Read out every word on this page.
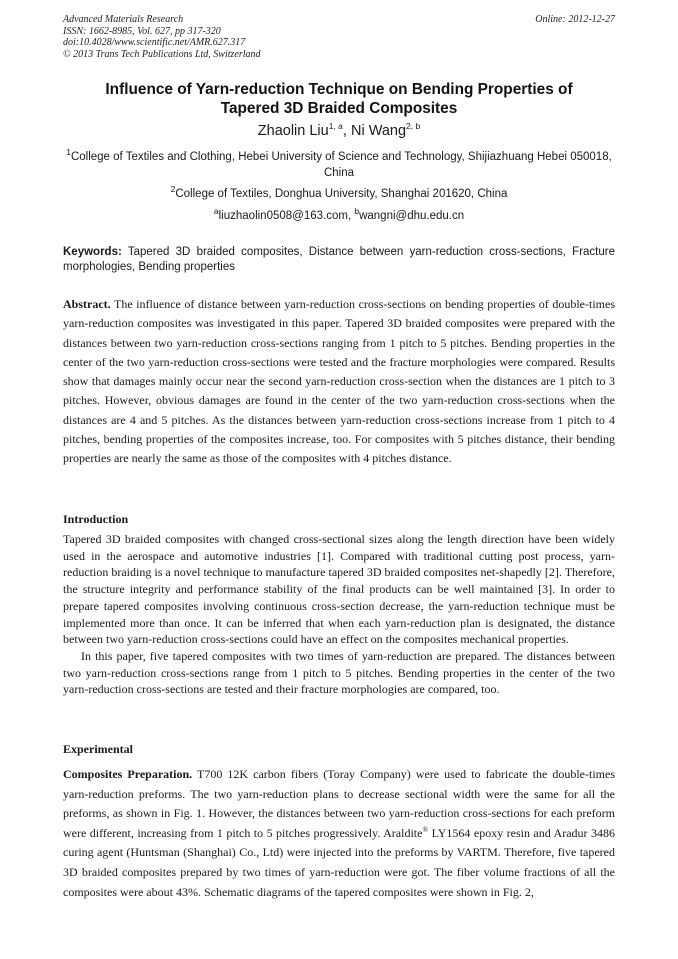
Advanced Materials Research
ISSN: 1662-8985, Vol. 627, pp 317-320
doi:10.4028/www.scientific.net/AMR.627.317
© 2013 Trans Tech Publications Ltd, Switzerland
Online: 2012-12-27
Influence of Yarn-reduction Technique on Bending Properties of
Tapered 3D Braided Composites
Zhaolin Liu$^{1, a}$, Ni Wang$^{2, b}$
$^1$College of Textiles and Clothing, Hebei University of Science and Technology, Shijiazhuang Hebei 050018, China
$^2$College of Textiles, Donghua University, Shanghai 201620, China
$^a$liuzhaolin0508@163.com, $^b$wangni@dhu.edu.cn
Keywords: Tapered 3D braided composites, Distance between yarn-reduction cross-sections, Fracture morphologies, Bending properties
Abstract. The influence of distance between yarn-reduction cross-sections on bending properties of double-times yarn-reduction composites was investigated in this paper. Tapered 3D braided composites were prepared with the distances between two yarn-reduction cross-sections ranging from 1 pitch to 5 pitches. Bending properties in the center of the two yarn-reduction cross-sections were tested and the fracture morphologies were compared. Results show that damages mainly occur near the second yarn-reduction cross-section when the distances are 1 pitch to 3 pitches. However, obvious damages are found in the center of the two yarn-reduction cross-sections when the distances are 4 and 5 pitches. As the distances between yarn-reduction cross-sections increase from 1 pitch to 4 pitches, bending properties of the composites increase, too. For composites with 5 pitches distance, their bending properties are nearly the same as those of the composites with 4 pitches distance.
Introduction

Tapered 3D braided composites with changed cross-sectional sizes along the length direction have been widely used in the aerospace and automotive industries [1]. Compared with traditional cutting post process, yarn-reduction braiding is a novel technique to manufacture tapered 3D braided composites net-shapedly [2]. Therefore, the structure integrity and performance stability of the final products can be well maintained [3]. In order to prepare tapered composites involving continuous cross-section decrease, the yarn-reduction technique must be implemented more than once. It can be inferred that when each yarn-reduction plan is designated, the distance between two yarn-reduction cross-sections could have an effect on the composites mechanical properties.

In this paper, five tapered composites with two times of yarn-reduction are prepared. The distances between two yarn-reduction cross-sections range from 1 pitch to 5 pitches. Bending properties in the center of the two yarn-reduction cross-sections are tested and their fracture morphologies are compared, too.

Experimental
Composites Preparation. T700 12K carbon fibers (Toray Company) were used to fabricate the double-times yarn-reduction preforms. The two yarn-reduction plans to decrease sectional width were the same for all the preforms, as shown in Fig. 1. However, the distances between two yarn-reduction cross-sections for each preform were different, increasing from 1 pitch to 5 pitches progressively. Araldite® LY1564 epoxy resin and Aradur 3486 curing agent (Huntsman (Shanghai) Co., Ltd) were injected into the preforms by VARTM. Therefore, five tapered 3D braided composites prepared by two times of yarn-reduction were got. The fiber volume fractions of all the composites were about 43%. Schematic diagrams of the tapered composites were shown in Fig. 2,
